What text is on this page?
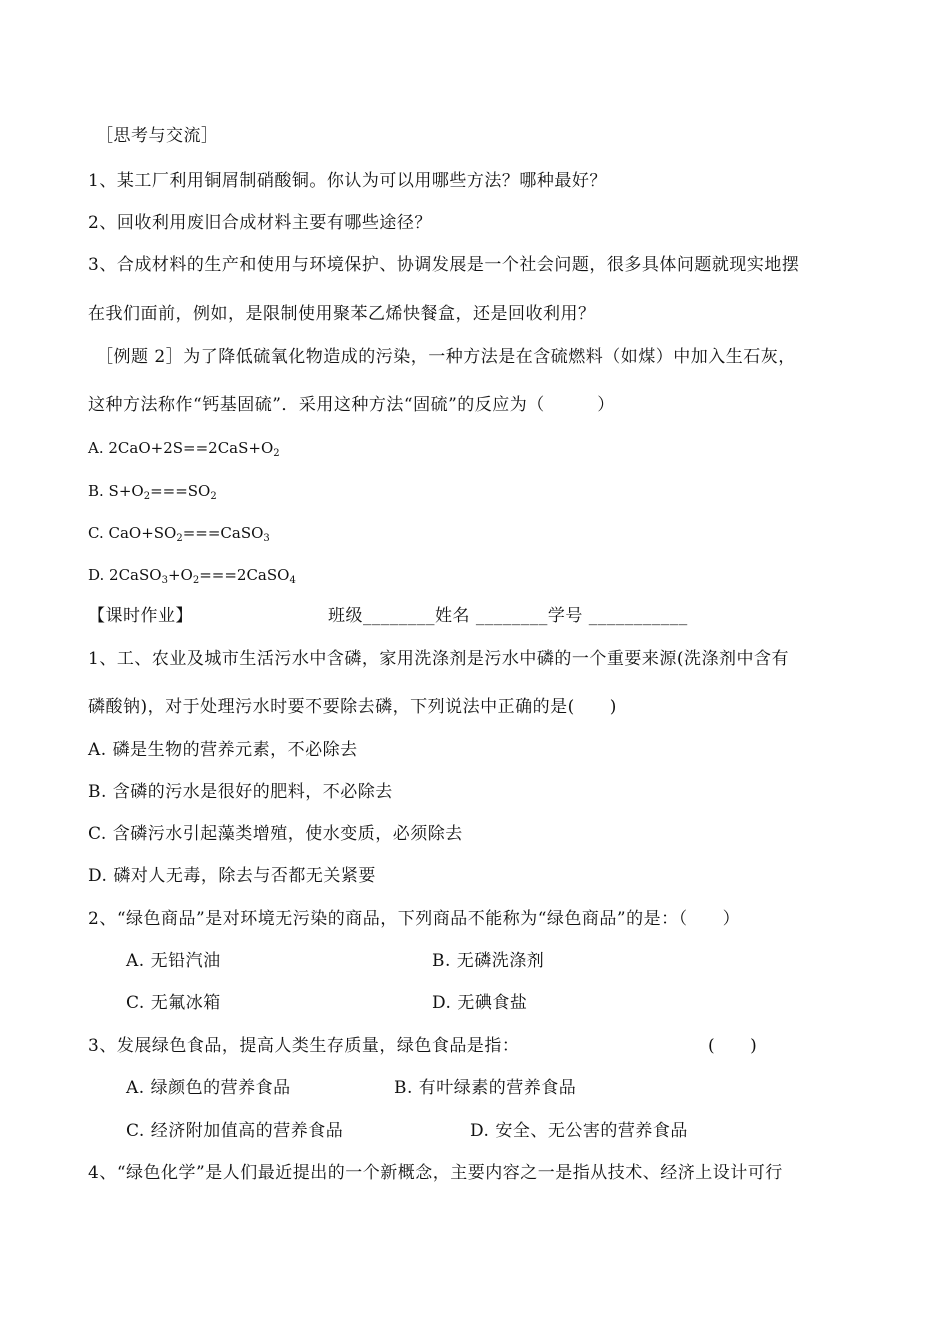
［思考与交流］
1、某工厂利用铜屑制硝酸铜。你认为可以用哪些方法？哪种最好？
2、回收利用废旧合成材料主要有哪些途径？
3、合成材料的生产和使用与环境保护、协调发展是一个社会问题，很多具体问题就现实地摆
在我们面前，例如，是限制使用聚苯乙烯快餐盒，还是回收利用？
［例题 2］为了降低硫氧化物造成的污染，一种方法是在含硫燃料（如煤）中加入生石灰，
这种方法称作“钙基固硫”．采用这种方法“固硫”的反应为（　　　）
A. $2CaO+2S==2CaS+O_2$
B. $S+O_2===SO_2$
C. $CaO+SO_2===CaSO_3$
D. $2CaSO_3+O_2===2CaSO_4$
【课时作业】	班级________姓名 ________学号 ___________
1、工、农业及城市生活污水中含磷，家用洗涤剂是污水中磷的一个重要来源(洗涤剂中含有
磷酸钠)，对于处理污水时要不要除去磷，下列说法中正确的是(　　)
A. 磷是生物的营养元素，不必除去
B. 含磷的污水是很好的肥料，不必除去
C. 含磷污水引起藻类增殖，使水变质，必须除去
D. 磷对人无毒，除去与否都无关紧要
2、“绿色商品”是对环境无污染的商品，下列商品不能称为“绿色商品”的是：（　　）
A. 无铅汽油	B. 无磷洗涤剂
C. 无氟冰箱	D. 无碘食盐
3、发展绿色食品，提高人类生存质量，绿色食品是指：	(　　)
A. 绿颜色的营养食品	B. 有叶绿素的营养食品
C. 经济附加值高的营养食品	D. 安全、无公害的营养食品
4、“绿色化学”是人们最近提出的一个新概念，主要内容之一是指从技术、经济上设计可行
